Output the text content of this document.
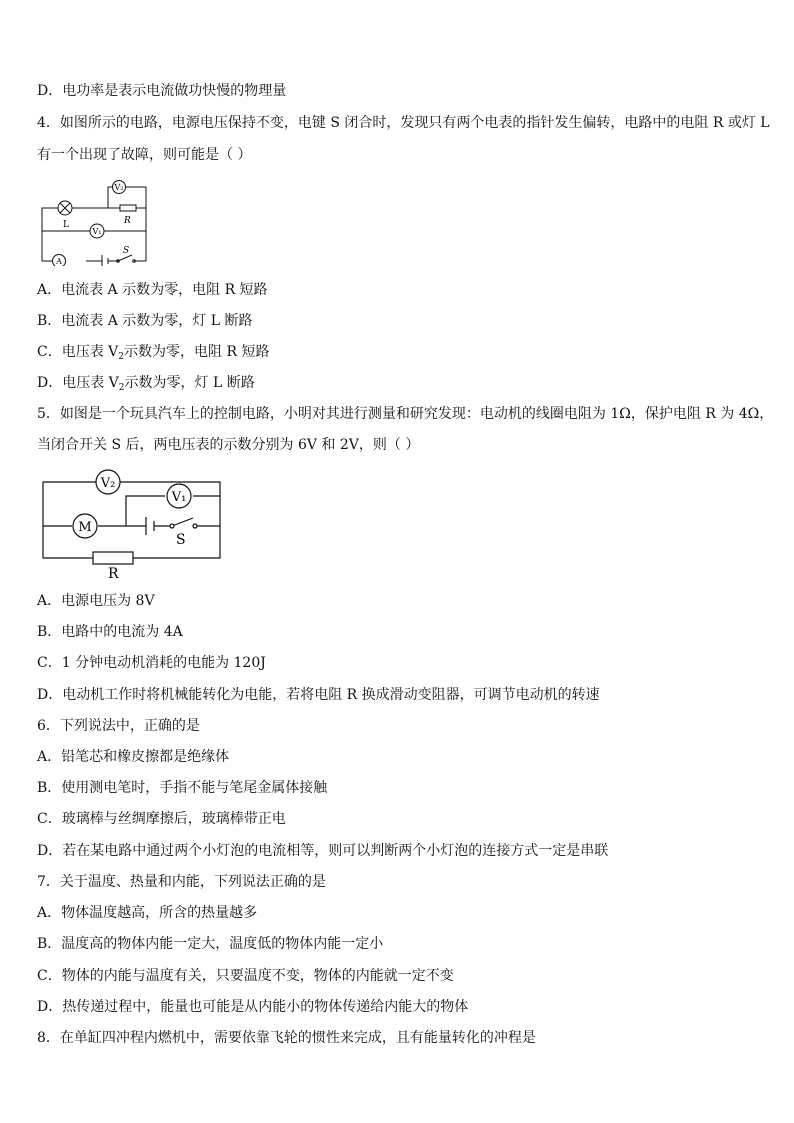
D．电功率是表示电流做功快慢的物理量
4．如图所示的电路，电源电压保持不变，电键 S 闭合时，发现只有两个电表的指针发生偏转，电路中的电阻 R 或灯 L
有一个出现了故障，则可能是（ ）
V₂
V₁
A
L	R
S
A．电流表 A 示数为零，电阻 R 短路
B．电流表 A 示数为零，灯 L 断路
C．电压表 $V_2$示数为零，电阻 R 短路
D．电压表 $V_2$示数为零，灯 L 断路
5．如图是一个玩具汽车上的控制电路，小明对其进行测量和研究发现：电动机的线圈电阻为 1Ω，保护电阻 R 为 4Ω，
当闭合开关 S 后，两电压表的示数分别为 6V 和 2V，则（ ）
V₂
V₁
M
S
R
A．电源电压为 8V
B．电路中的电流为 4A
C．1 分钟电动机消耗的电能为 120J
D．电动机工作时将机械能转化为电能，若将电阻 R 换成滑动变阻器，可调节电动机的转速
6．下列说法中，正确的是
A．铅笔芯和橡皮擦都是绝缘体
B．使用测电笔时，手指不能与笔尾金属体接触
C．玻璃棒与丝绸摩擦后，玻璃棒带正电
D．若在某电路中通过两个小灯泡的电流相等，则可以判断两个小灯泡的连接方式一定是串联
7．关于温度、热量和内能，下列说法正确的是
A．物体温度越高，所含的热量越多
B．温度高的物体内能一定大，温度低的物体内能一定小
C．物体的内能与温度有关，只要温度不变，物体的内能就一定不变
D．热传递过程中，能量也可能是从内能小的物体传递给内能大的物体
8．在单缸四冲程内燃机中，需要依靠飞轮的惯性来完成，且有能量转化的冲程是
